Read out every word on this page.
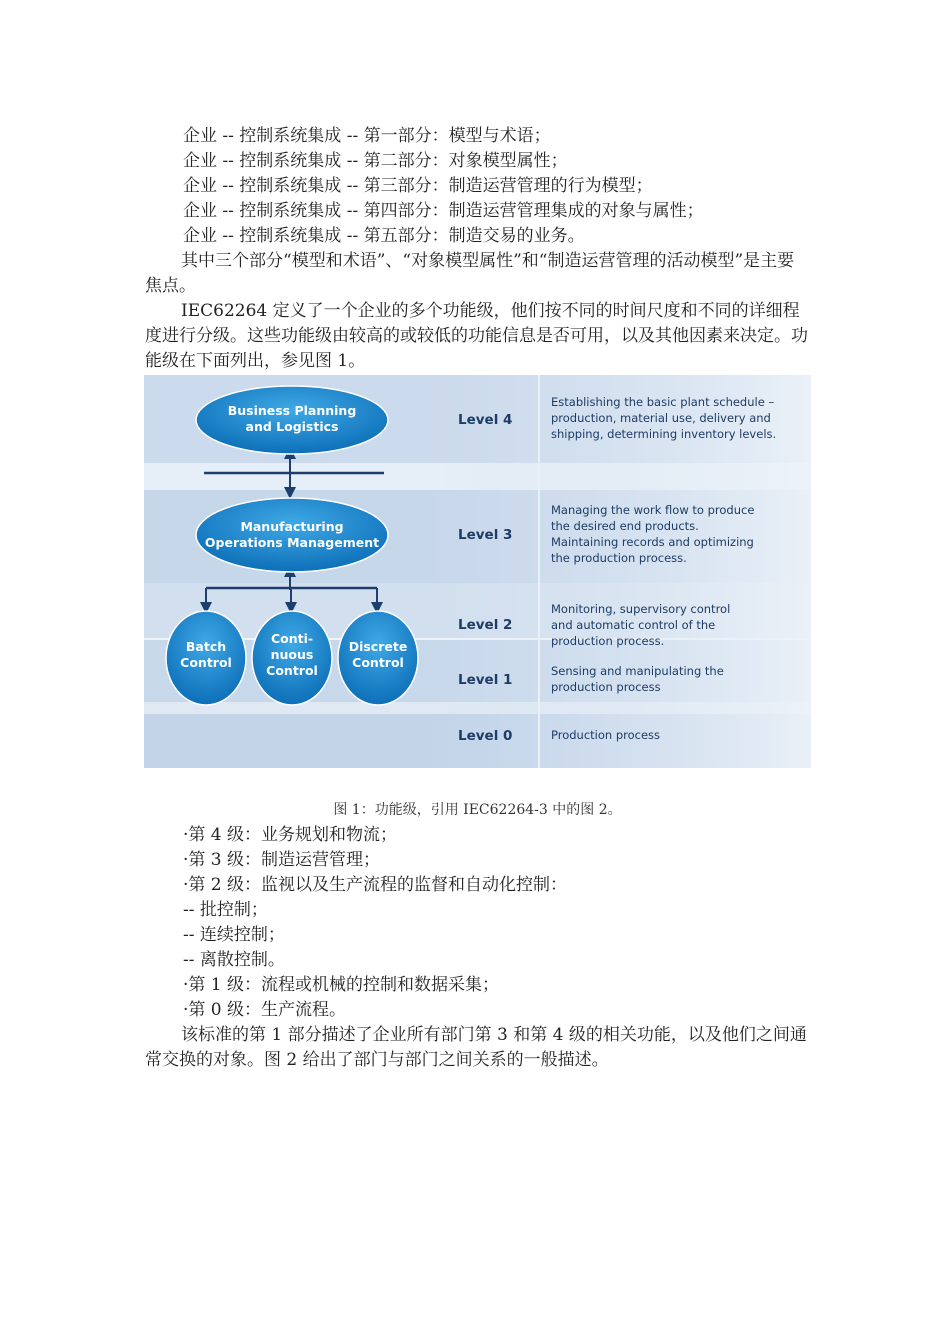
企业 -- 控制系统集成 -- 第一部分：模型与术语；
企业 -- 控制系统集成 -- 第二部分：对象模型属性；
企业 -- 控制系统集成 -- 第三部分：制造运营管理的行为模型；
企业 -- 控制系统集成 -- 第四部分：制造运营管理集成的对象与属性；
企业 -- 控制系统集成 -- 第五部分：制造交易的业务。

其中三个部分“模型和术语”、“对象模型属性”和“制造运营管理的活动模型”是主要焦点。

IEC62264 定义了一个企业的多个功能级，他们按不同的时间尺度和不同的详细程度进行分级。这些功能级由较高的或较低的功能信息是否可用，以及其他因素来决定。功能级在下面列出，参见图 1。

Business Planning
and Logistics
Manufacturing
Operations Management
Batch
Control
Conti-
nuous
Control
Discrete
Control
Level 4
Level 3
Level 2
Level 1
Level 0
Establishing the basic plant schedule –
production, material use, delivery and
shipping, determining inventory levels.
Managing the work flow to produce
the desired end products.
Maintaining records and optimizing
the production process.
Monitoring, supervisory control
and automatic control of the
production process.
Sensing and manipulating the
production process
Production process
图 1：功能级，引用 IEC62264-3 中的图 2。
·第 4 级：业务规划和物流；
·第 3 级：制造运营管理；
·第 2 级：监视以及生产流程的监督和自动化控制：
-- 批控制；
-- 连续控制；
-- 离散控制。
·第 1 级：流程或机械的控制和数据采集；
·第 0 级：生产流程。

该标准的第 1 部分描述了企业所有部门第 3 和第 4 级的相关功能，以及他们之间通常交换的对象。图 2 给出了部门与部门之间关系的一般描述。
